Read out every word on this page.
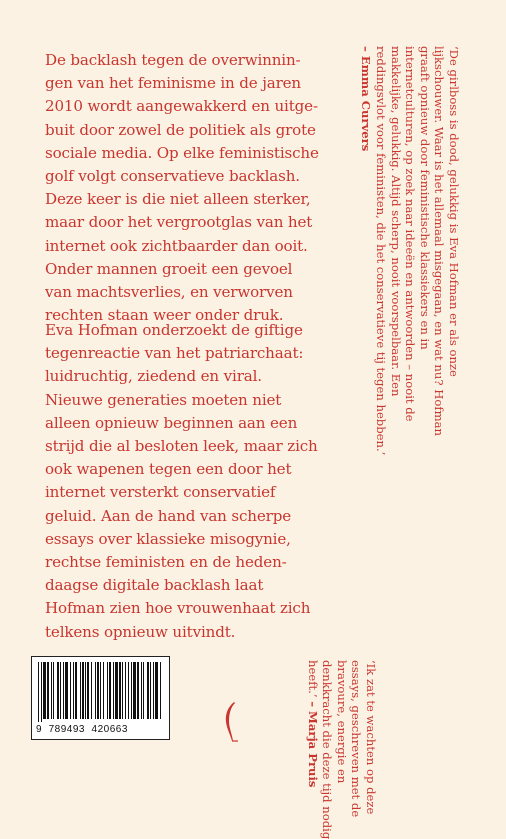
De backlash tegen de overwinnin-
gen van het feminisme in de jaren
2010 wordt aangewakkerd en uitge-
buit door zowel de politiek als grote
sociale media. Op elke feministische
golf volgt conservatieve backlash.
Deze keer is die niet alleen sterker,
maar door het vergrootglas van het
internet ook zichtbaarder dan ooit.
Onder mannen groeit een gevoel
van machtsverlies, en verworven
rechten staan weer onder druk.
Eva Hofman onderzoekt de giftige
tegenreactie van het patriarchaat:
luidruchtig, ziedend en viral.
Nieuwe generaties moeten niet
alleen opnieuw beginnen aan een
strijd die al besloten leek, maar zich
ook wapenen tegen een door het
internet versterkt conservatief
geluid. Aan de hand van scherpe
essays over klassieke misogynie,
rechtse feministen en de heden-
daagse digitale backlash laat
Hofman zien hoe vrouwenhaat zich
telkens opnieuw uitvindt.
‘De girlboss is dood, gelukkig is Eva Hofman er als onze
lijkschouwer. Waar is het allemaal misgegaan, en wat nu? Hofman
graaft opnieuw door feministische klassiekers en in
internetculturen, op zoek naar ideeën en antwoorden – nooit de
makkelijke, gelukkig. Altijd scherp, nooit voorspelbaar. Een
reddingsvlot voor feministen, die het conservatieve tij tegen hebben.’
– Emma Curvers
‘Ik zat te wachten op deze
essays, geschreven met de
bravoure, energie en
denkkracht die deze tijd nodig
heeft.’ – Marja Pruis
9  789493  420663
